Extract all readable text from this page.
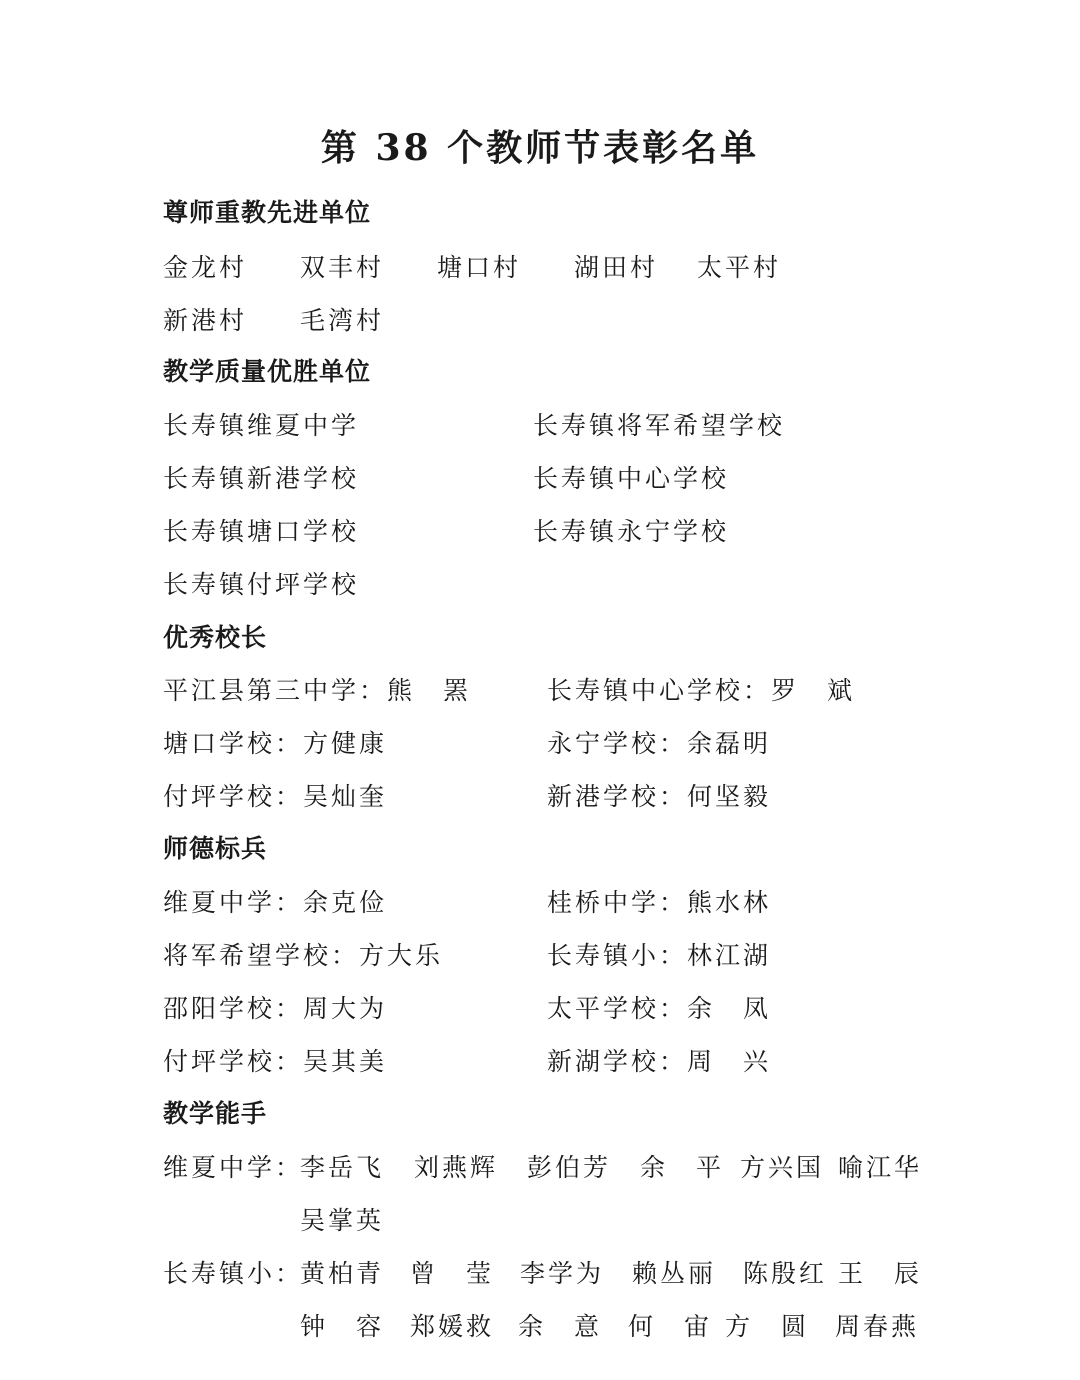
第 38 个教师节表彰名单
尊师重教先进单位
金龙村 双丰村 塘口村 湖田村 太平村
新港村 毛湾村
教学质量优胜单位
长寿镇维夏中学	长寿镇将军希望学校
长寿镇新港学校	长寿镇中心学校
长寿镇塘口学校	长寿镇永宁学校
长寿镇付坪学校
优秀校长
平江县第三中学：熊　罴	长寿镇中心学校：罗　斌
塘口学校：方健康	永宁学校：余磊明
付坪学校：吴灿奎	新港学校：何坚毅
师德标兵
维夏中学：余克俭	桂桥中学：熊水林
将军希望学校：方大乐	长寿镇小：林江湖
邵阳学校：周大为	太平学校：余　凤
付坪学校：吴其美	新湖学校：周　兴
教学能手
维夏中学：
李岳飞 刘燕辉 彭伯芳 余　平 方兴国 喻江华
吴掌英
长寿镇小：
黄柏青 曾　莹 李学为 赖丛丽 陈殷红 王　辰
钟　容 郑媛救 余　意 何　宙 方　圆 周春燕
